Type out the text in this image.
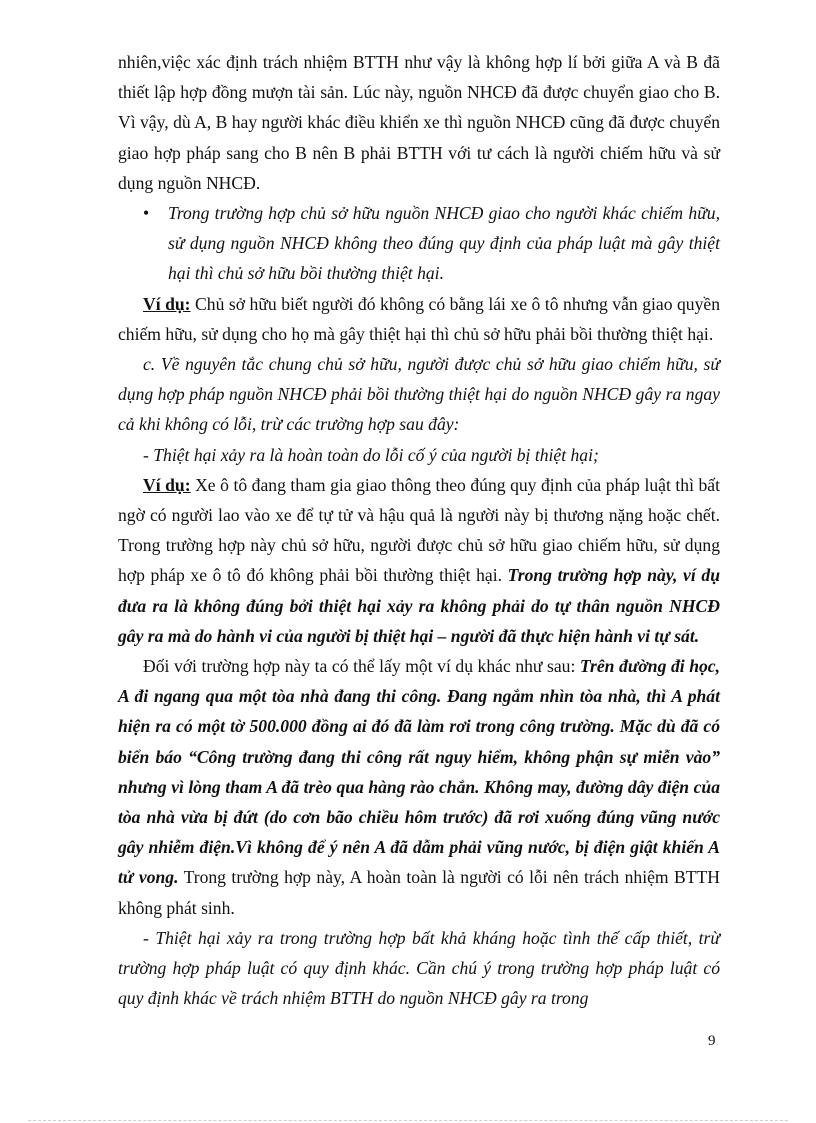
nhiên,việc xác định trách nhiệm BTTH như vậy là không hợp lí bởi giữa A và B đã thiết lập hợp đồng mượn tài sản. Lúc này, nguồn NHCĐ đã được chuyển giao cho B. Vì vậy, dù A, B hay người khác điều khiển xe thì nguồn NHCĐ cũng đã được chuyển giao hợp pháp sang cho B nên B phải BTTH với tư cách là người chiếm hữu và sử dụng nguồn NHCĐ.

•	Trong trường hợp chủ sở hữu nguồn NHCĐ giao cho người khác chiếm hữu, sử dụng nguồn NHCĐ không theo đúng quy định của pháp luật mà gây thiệt hại thì chủ sở hữu bồi thường thiệt hại.

Ví dụ: Chủ sở hữu biết người đó không có bằng lái xe ô tô nhưng vẫn giao quyền chiếm hữu, sử dụng cho họ mà gây thiệt hại thì chủ sở hữu phải bồi thường thiệt hại.

c. Về nguyên tắc chung chủ sở hữu, người được chủ sở hữu giao chiếm hữu, sử dụng hợp pháp nguồn NHCĐ phải bồi thường thiệt hại do nguồn NHCĐ gây ra ngay cả khi không có lỗi, trừ các trường hợp sau đây:

- Thiệt hại xảy ra là hoàn toàn do lỗi cố ý của người bị thiệt hại;

Ví dụ: Xe ô tô đang tham gia giao thông theo đúng quy định của pháp luật thì bất ngờ có người lao vào xe để tự tử và hậu quả là người này bị thương nặng hoặc chết. Trong trường hợp này chủ sở hữu, người được chủ sở hữu giao chiếm hữu, sử dụng hợp pháp xe ô tô đó không phải bồi thường thiệt hại. Trong trường hợp này, ví dụ đưa ra là không đúng bởi thiệt hại xảy ra không phải do tự thân nguồn NHCĐ gây ra mà do hành vi của người bị thiệt hại – người đã thực hiện hành vi tự sát.

Đối với trường hợp này ta có thể lấy một ví dụ khác như sau: Trên đường đi học, A đi ngang qua một tòa nhà đang thi công. Đang ngắm nhìn tòa nhà, thì A phát hiện ra có một tờ 500.000 đồng ai đó đã làm rơi trong công trường. Mặc dù đã có biển báo “Công trường đang thi công rất nguy hiểm, không phận sự miễn vào” nhưng vì lòng tham A đã trèo qua hàng rào chắn. Không may, đường dây điện của tòa nhà vừa bị đứt (do cơn bão chiều hôm trước) đã rơi xuống đúng vũng nước gây nhiễm điện.Vì không để ý nên A đã dẫm phải vũng nước, bị điện giật khiến A tử vong. Trong trường hợp này, A hoàn toàn là người có lỗi nên trách nhiệm BTTH không phát sinh.

- Thiệt hại xảy ra trong trường hợp bất khả kháng hoặc tình thế cấp thiết, trừ trường hợp pháp luật có quy định khác. Cần chú ý trong trường hợp pháp luật có quy định khác về trách nhiệm BTTH do nguồn NHCĐ gây ra trong

9
